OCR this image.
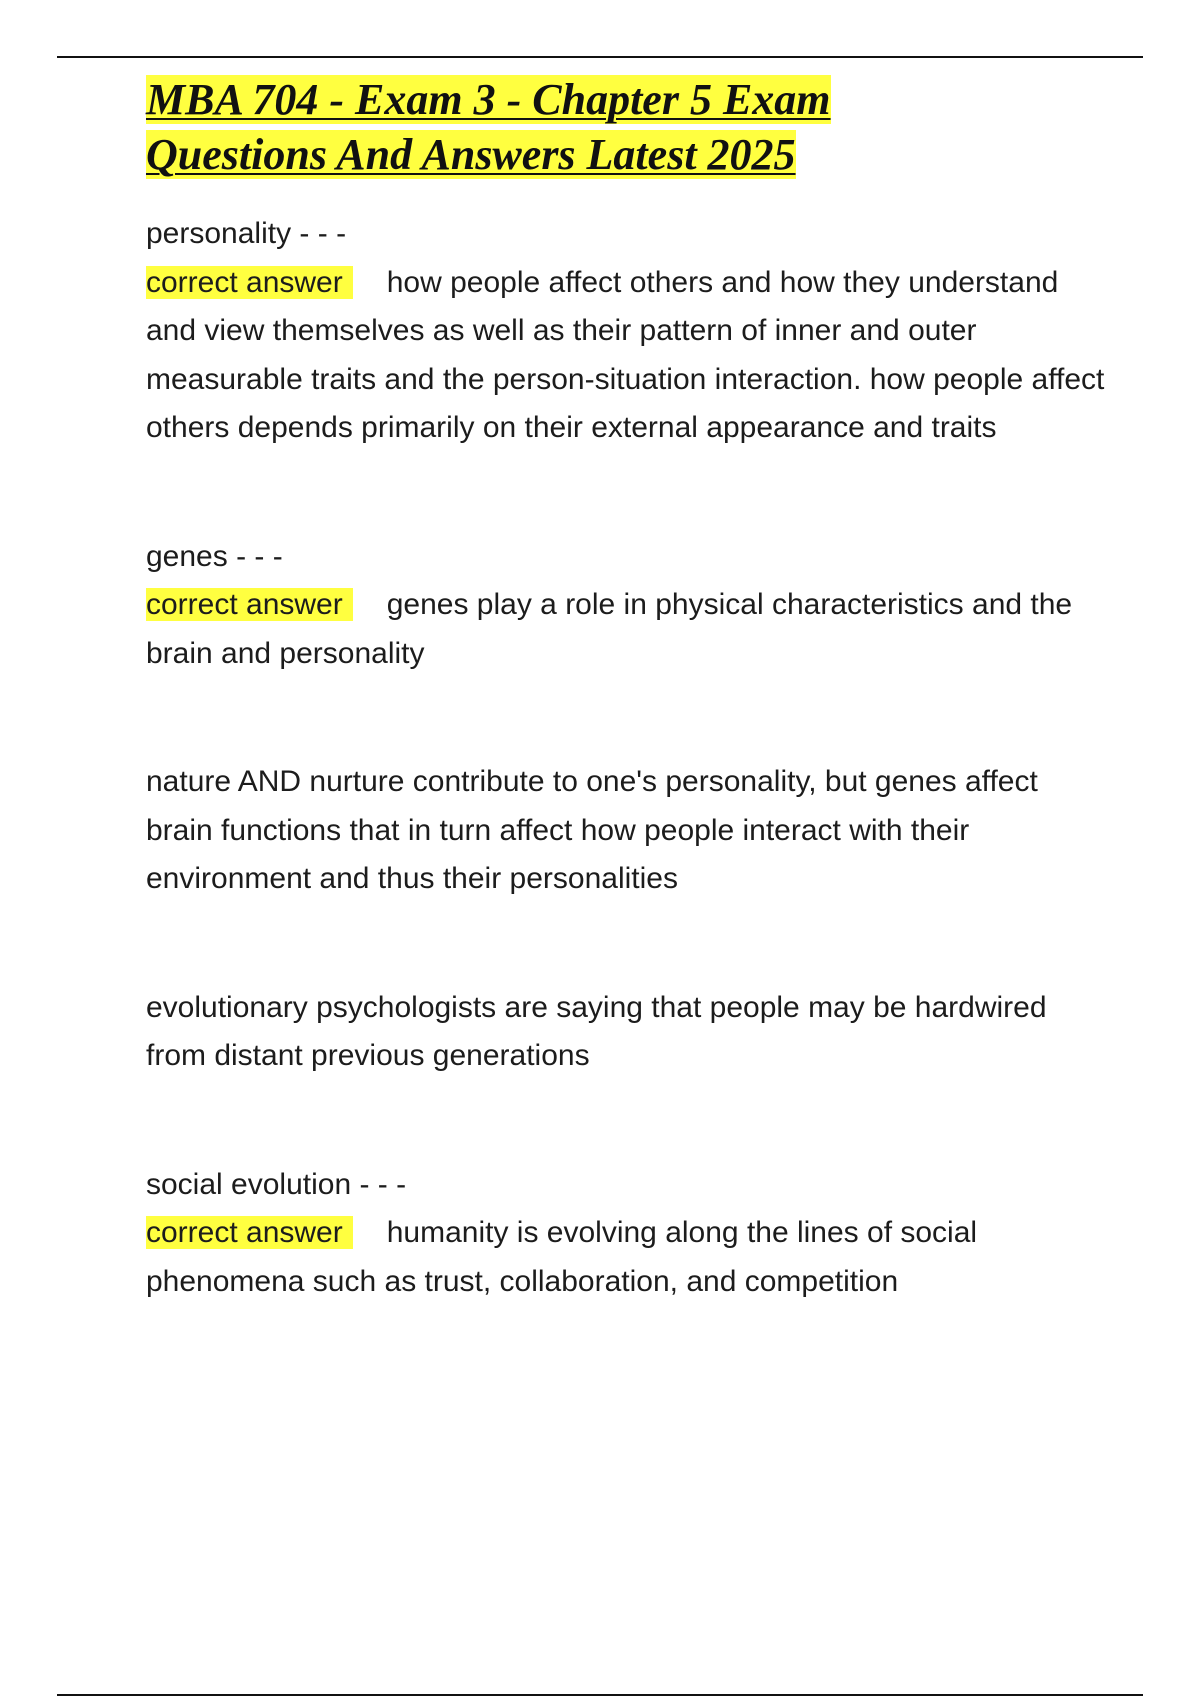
MBA 704 - Exam 3 - Chapter 5 Exam Questions And Answers Latest 2025

personality - - -

correct answer how people affect others and how they understand and view themselves as well as their pattern of inner and outer measurable traits and the person-situation interaction. how people affect others depends primarily on their external appearance and traits

genes - - -

correct answer genes play a role in physical characteristics and the brain and personality

nature AND nurture contribute to one's personality, but genes affect brain functions that in turn affect how people interact with their environment and thus their personalities

evolutionary psychologists are saying that people may be hardwired from distant previous generations

social evolution - - -

correct answer humanity is evolving along the lines of social phenomena such as trust, collaboration, and competition
